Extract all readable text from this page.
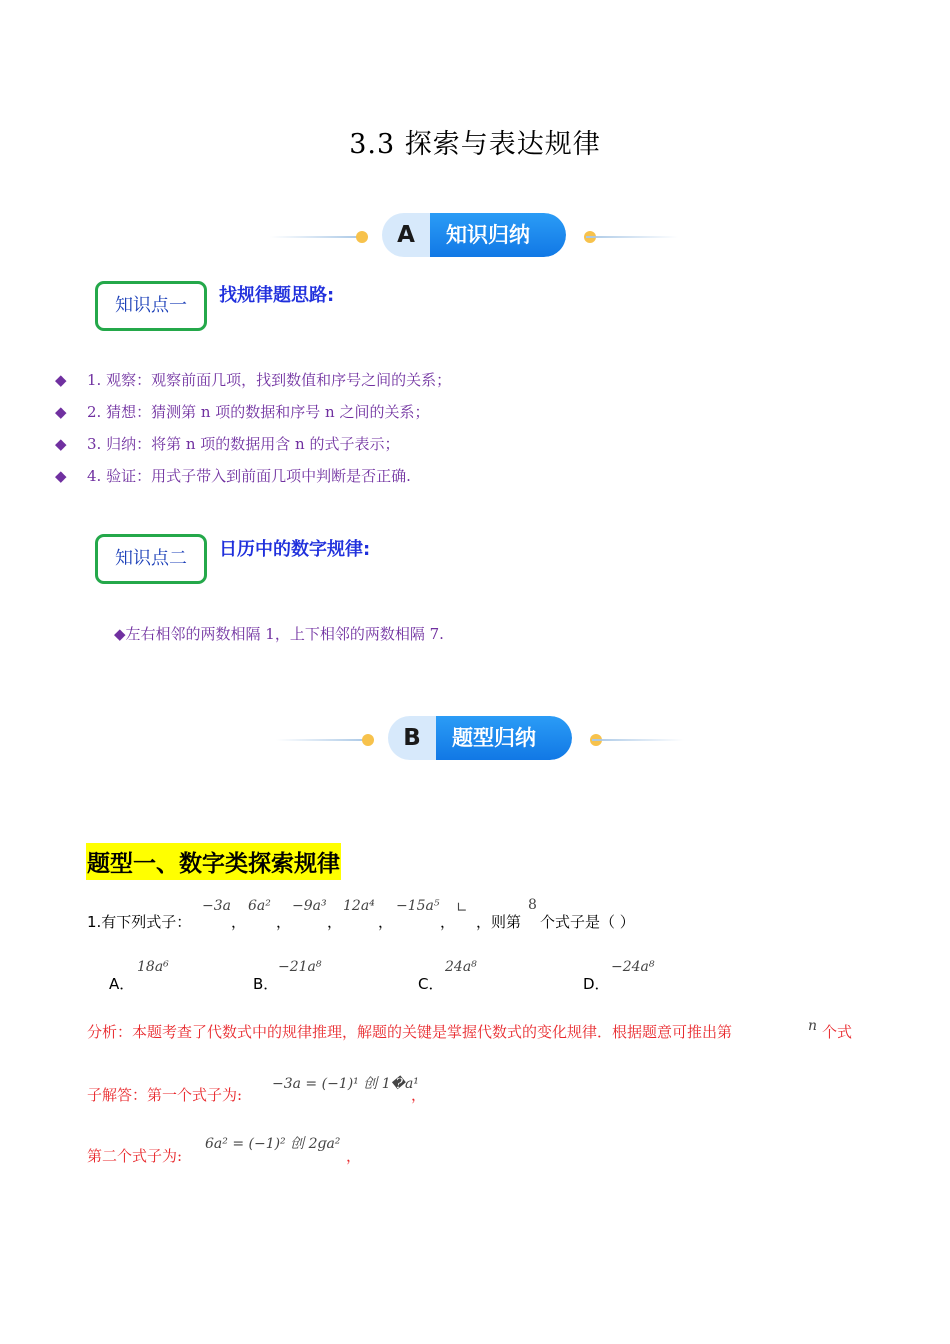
3.3 探索与表达规律
A	知识归纳
知识点一	找规律题思路:
◆ 1. 观察：观察前面几项，找到数值和序号之间的关系；
◆ 2. 猜想：猜测第 n 项的数据和序号 n 之间的关系；
◆ 3. 归纳：将第 n 项的数据用含 n 的式子表示；
◆ 4. 验证：用式子带入到前面几项中判断是否正确.
知识点二	日历中的数字规律:
◆左右相邻的两数相隔 1，上下相邻的两数相隔 7.
B	题型归纳
题型一、数字类探索规律
1.有下列式子：
−3a
，
6a²
，
−9a³
，
12a⁴
，
−15a⁵
，
∟
，则第
8
个式子是（ ）
A．
18a⁶
B．
−21a⁸
C．
24a⁸
D．
−24a⁸
分析：本题考查了代数式中的规律推理，解题的关键是掌握代数式的变化规律．根据题意可推出第	n 个式
子解答：第一个式子为:
−3a = (−1)¹ 创 1�a¹
，
第二个式子为:
6a² = (−1)² 创 2ɡa²
，
